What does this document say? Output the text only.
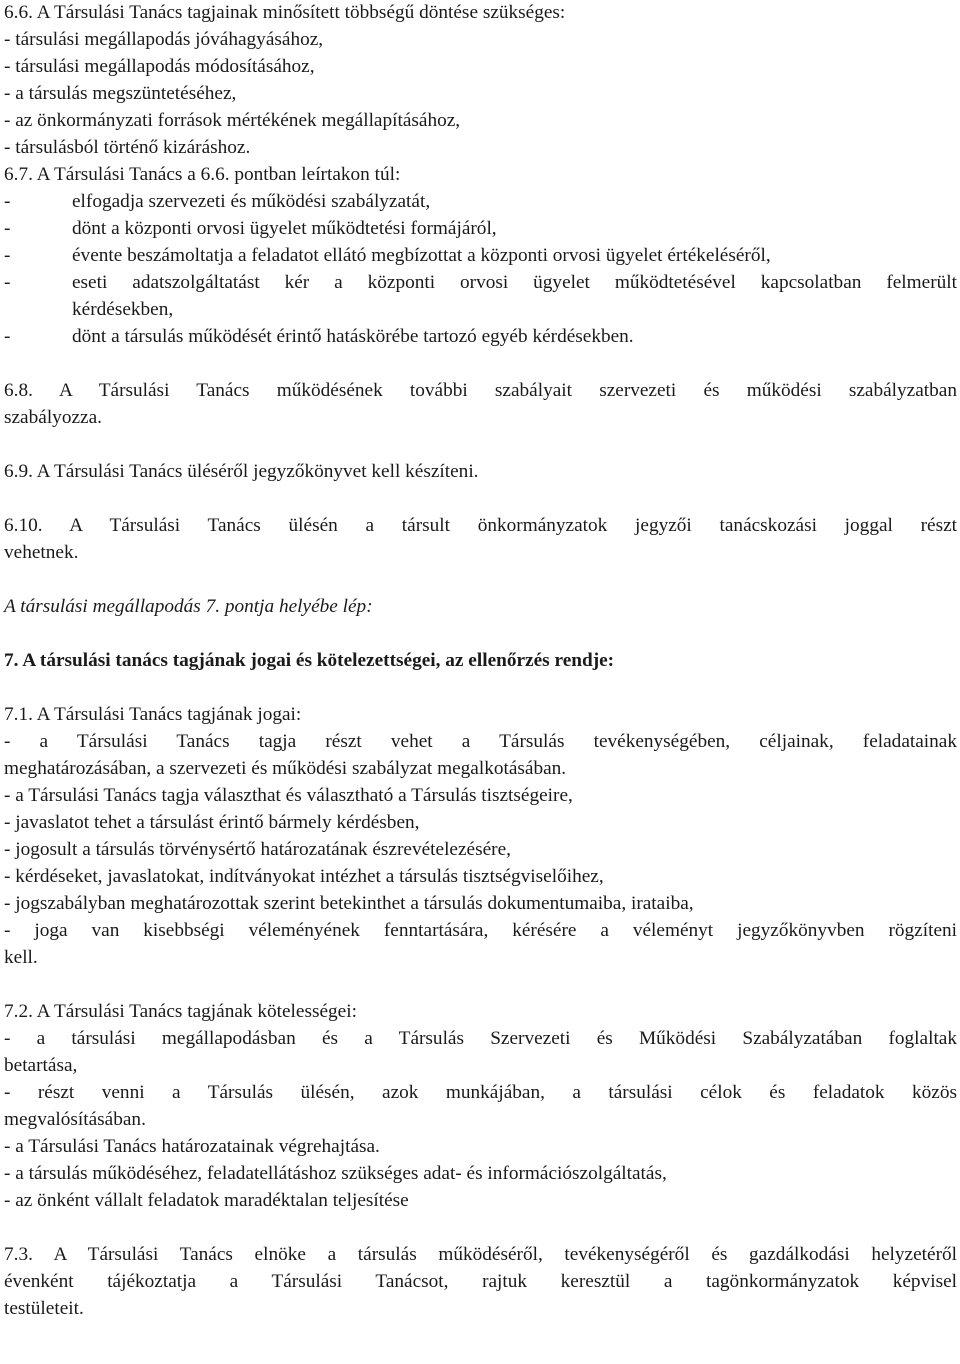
6.6. A Társulási Tanács tagjainak minősített többségű döntése szükséges:
- társulási megállapodás jóváhagyásához,
- társulási megállapodás módosításához,
- a társulás megszüntetéséhez,
- az önkormányzati források mértékének megállapításához,
- társulásból történő kizáráshoz.
6.7. A Társulási Tanács a 6.6. pontban leírtakon túl:
-	elfogadja szervezeti és működési szabályzatát,
-	dönt a központi orvosi ügyelet működtetési formájáról,
-	évente beszámoltatja a feladatot ellátó megbízottat a központi orvosi ügyelet értékeléséről,
-	eseti adatszolgáltatást kér a központi orvosi ügyelet működtetésével kapcsolatban felmerült
kérdésekben,
-	dönt a társulás működését érintő hatáskörébe tartozó egyéb kérdésekben.
6.8. A Társulási Tanács működésének további szabályait szervezeti és működési szabályzatban
szabályozza.
6.9. A Társulási Tanács üléséről jegyzőkönyvet kell készíteni.
6.10. A Társulási Tanács ülésén a társult önkormányzatok jegyzői tanácskozási joggal részt
vehetnek.
A társulási megállapodás 7. pontja helyébe lép:
7. A társulási tanács tagjának jogai és kötelezettségei, az ellenőrzés rendje:
7.1. A Társulási Tanács tagjának jogai:
- a Társulási Tanács tagja részt vehet a Társulás tevékenységében, céljainak, feladatainak
meghatározásában, a szervezeti és működési szabályzat megalkotásában.
- a Társulási Tanács tagja választhat és választható a Társulás tisztségeire,
- javaslatot tehet a társulást érintő bármely kérdésben,
- jogosult a társulás törvénysértő határozatának észrevételezésére,
- kérdéseket, javaslatokat, indítványokat intézhet a társulás tisztségviselőihez,
- jogszabályban meghatározottak szerint betekinthet a társulás dokumentumaiba, irataiba,
- joga van kisebbségi véleményének fenntartására, kérésére a véleményt jegyzőkönyvben rögzíteni
kell.
7.2. A Társulási Tanács tagjának kötelességei:
- a társulási megállapodásban és a Társulás Szervezeti és Működési Szabályzatában foglaltak
betartása,
- részt venni a Társulás ülésén, azok munkájában, a társulási célok és feladatok közös
megvalósításában.
- a Társulási Tanács határozatainak végrehajtása.
- a társulás működéséhez, feladatellátáshoz szükséges adat- és információszolgáltatás,
- az önként vállalt feladatok maradéktalan teljesítése
7.3. A Társulási Tanács elnöke a társulás működéséről, tevékenységéről és gazdálkodási helyzetéről
évenként tájékoztatja a Társulási Tanácsot, rajtuk keresztül a tagönkormányzatok képvisel
testületeit.
